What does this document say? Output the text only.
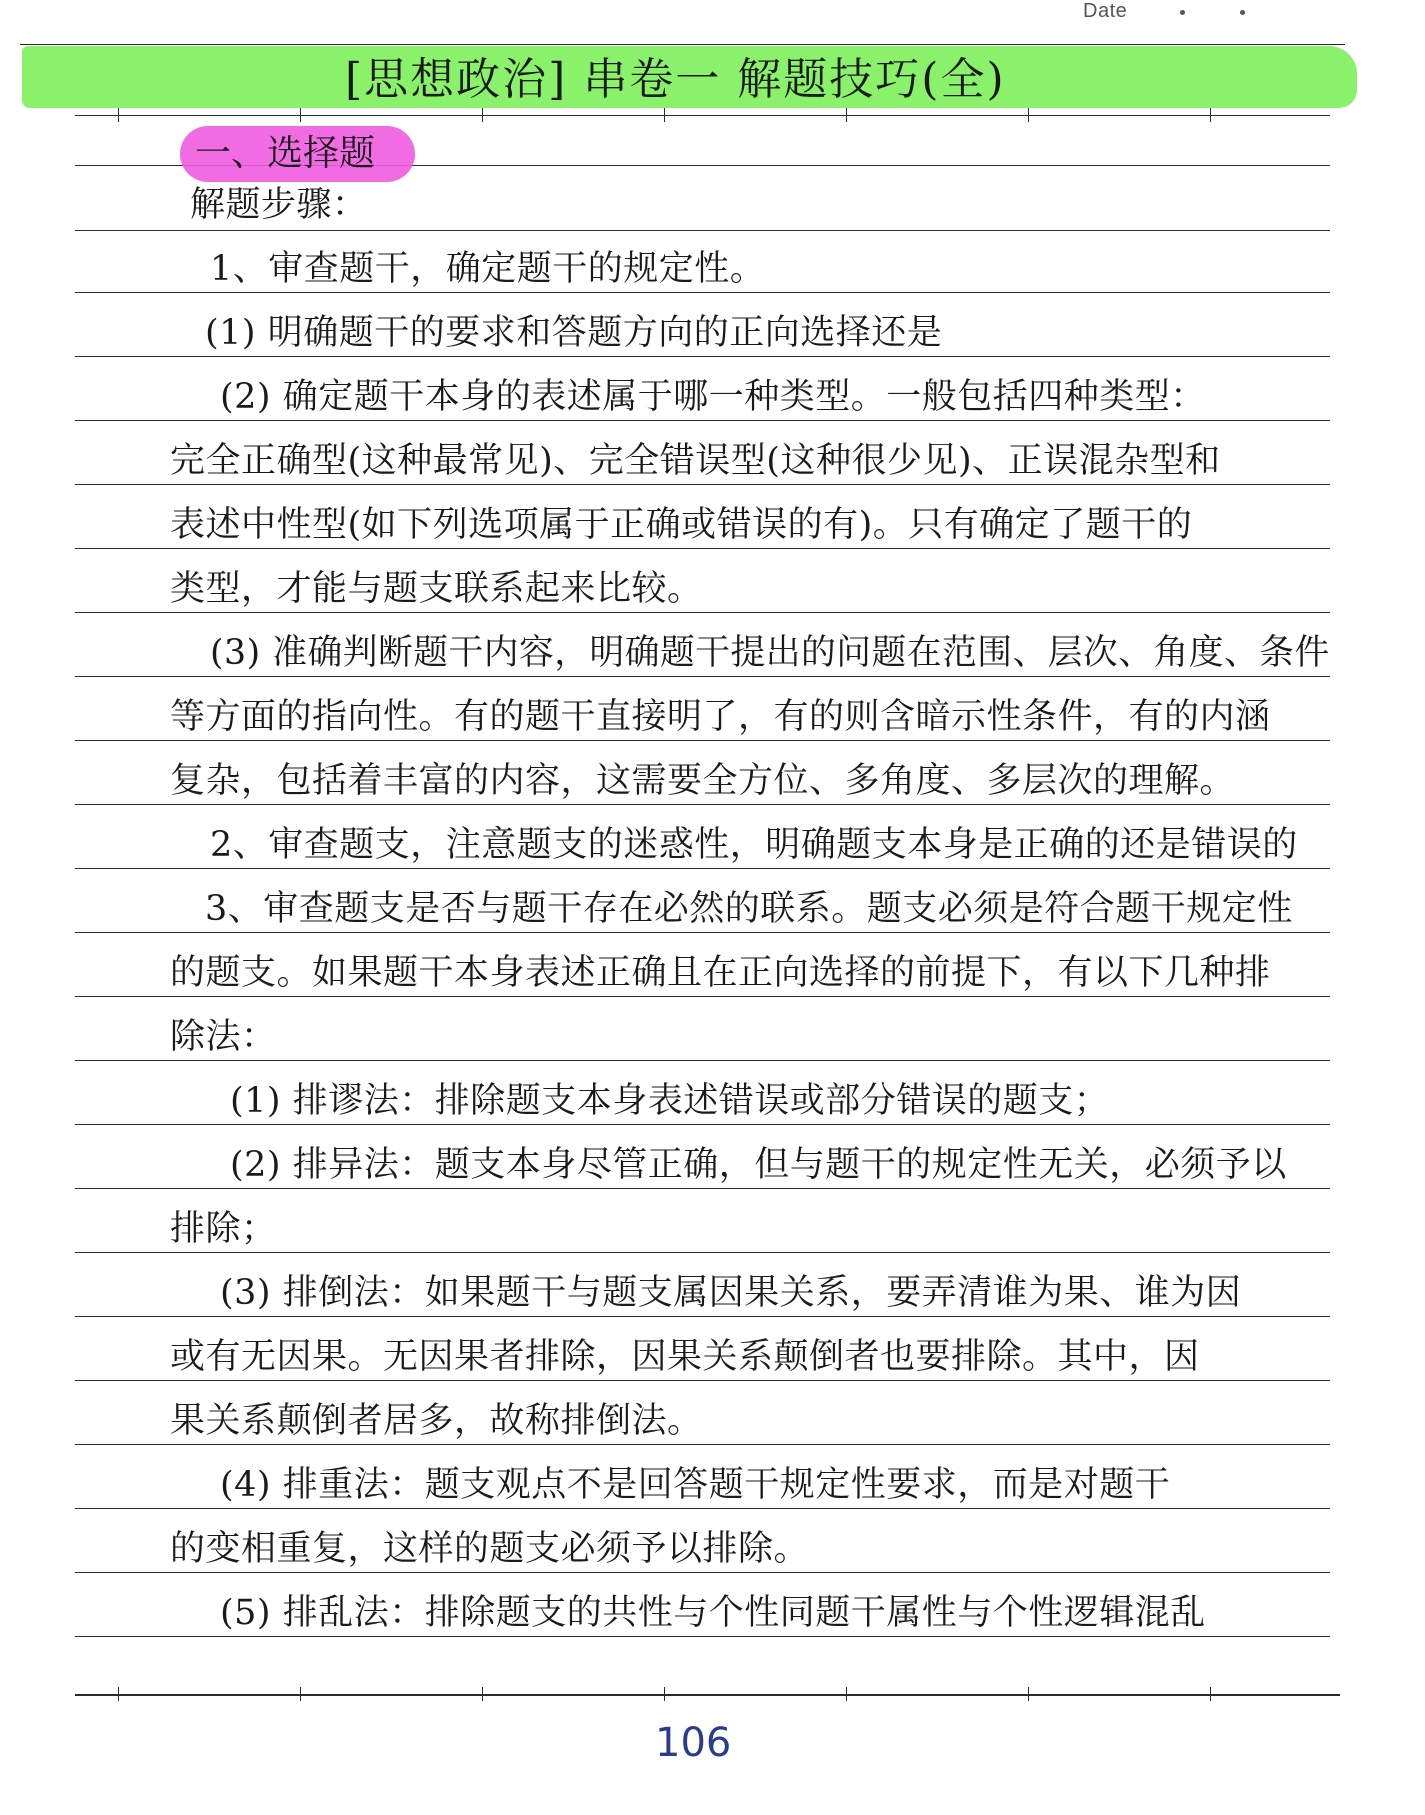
Date
[思想政治] 串卷一 解题技巧(全)
一、选择题
解题步骤：
1、审查题干，确定题干的规定性。
(1) 明确题干的要求和答题方向的正向选择还是
(2) 确定题干本身的表述属于哪一种类型。一般包括四种类型：
完全正确型(这种最常见)、完全错误型(这种很少见)、正误混杂型和
表述中性型(如下列选项属于正确或错误的有)。只有确定了题干的
类型，才能与题支联系起来比较。
(3) 准确判断题干内容，明确题干提出的问题在范围、层次、角度、条件
等方面的指向性。有的题干直接明了，有的则含暗示性条件，有的内涵
复杂，包括着丰富的内容，这需要全方位、多角度、多层次的理解。
2、审查题支，注意题支的迷惑性，明确题支本身是正确的还是错误的
3、审查题支是否与题干存在必然的联系。题支必须是符合题干规定性
的题支。如果题干本身表述正确且在正向选择的前提下，有以下几种排
除法：
(1) 排谬法：排除题支本身表述错误或部分错误的题支；
(2) 排异法：题支本身尽管正确，但与题干的规定性无关，必须予以
排除；
(3) 排倒法：如果题干与题支属因果关系，要弄清谁为果、谁为因
或有无因果。无因果者排除，因果关系颠倒者也要排除。其中，因
果关系颠倒者居多，故称排倒法。
(4) 排重法：题支观点不是回答题干规定性要求，而是对题干
的变相重复，这样的题支必须予以排除。
(5) 排乱法：排除题支的共性与个性同题干属性与个性逻辑混乱
106
